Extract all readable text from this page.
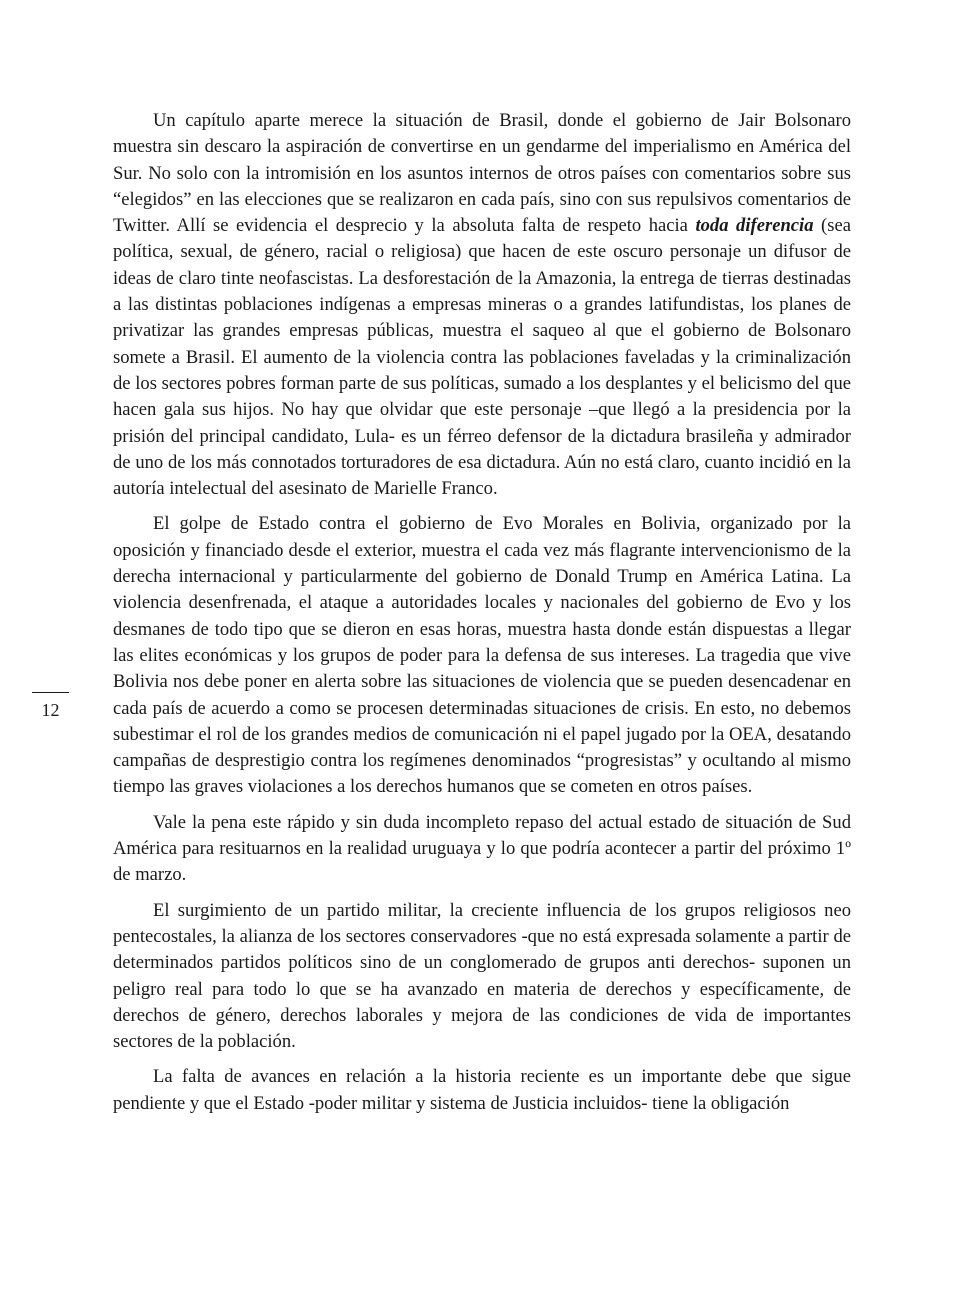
12

Un capítulo aparte merece la situación de Brasil, donde el gobierno de Jair Bolsonaro muestra sin descaro la aspiración de convertirse en un gendarme del imperialismo en América del Sur. No solo con la intromisión en los asuntos internos de otros países con comentarios sobre sus “elegidos” en las elecciones que se realizaron en cada país, sino con sus repulsivos comentarios de Twitter. Allí se evidencia el desprecio y la absoluta falta de respeto hacia toda diferencia (sea política, sexual, de género, racial o religiosa) que hacen de este oscuro personaje un difusor de ideas de claro tinte neofascistas. La desforestación de la Amazonia, la entrega de tierras destinadas a las distintas poblaciones indígenas a empresas mineras o a grandes latifundistas, los planes de privatizar las grandes empresas públicas, muestra el saqueo al que el gobierno de Bolsonaro somete a Brasil. El aumento de la violencia contra las poblaciones faveladas y la criminalización de los sectores pobres forman parte de sus políticas, sumado a los desplantes y el belicismo del que hacen gala sus hijos. No hay que olvidar que este personaje –que llegó a la presidencia por la prisión del principal candidato, Lula- es un férreo defensor de la dictadura brasileña y admirador de uno de los más connotados torturadores de esa dictadura. Aún no está claro, cuanto incidió en la autoría intelectual del asesinato de Marielle Franco.

El golpe de Estado contra el gobierno de Evo Morales en Bolivia, organizado por la oposición y financiado desde el exterior, muestra el cada vez más flagrante intervencionismo de la derecha internacional y particularmente del gobierno de Donald Trump en América Latina. La violencia desenfrenada, el ataque a autoridades locales y nacionales del gobierno de Evo y los desmanes de todo tipo que se dieron en esas horas, muestra hasta donde están dispuestas a llegar las elites económicas y los grupos de poder para la defensa de sus intereses. La tragedia que vive Bolivia nos debe poner en alerta sobre las situaciones de violencia que se pueden desencadenar en cada país de acuerdo a como se procesen determinadas situaciones de crisis. En esto, no debemos subestimar el rol de los grandes medios de comunicación ni el papel jugado por la OEA, desatando campañas de desprestigio contra los regímenes denominados “progresistas” y ocultando al mismo tiempo las graves violaciones a los derechos humanos que se cometen en otros países.

Vale la pena este rápido y sin duda incompleto repaso del actual estado de situación de Sud América para resituarnos en la realidad uruguaya y lo que podría acontecer a partir del próximo 1º de marzo.

El surgimiento de un partido militar, la creciente influencia de los grupos religiosos neo pentecostales, la alianza de los sectores conservadores -que no está expresada solamente a partir de determinados partidos políticos sino de un conglomerado de grupos anti derechos- suponen un peligro real para todo lo que se ha avanzado en materia de derechos y específicamente, de derechos de género, derechos laborales y mejora de las condiciones de vida de importantes sectores de la población.

La falta de avances en relación a la historia reciente es un importante debe que sigue pendiente y que el Estado -poder militar y sistema de Justicia incluidos- tiene la obligación
